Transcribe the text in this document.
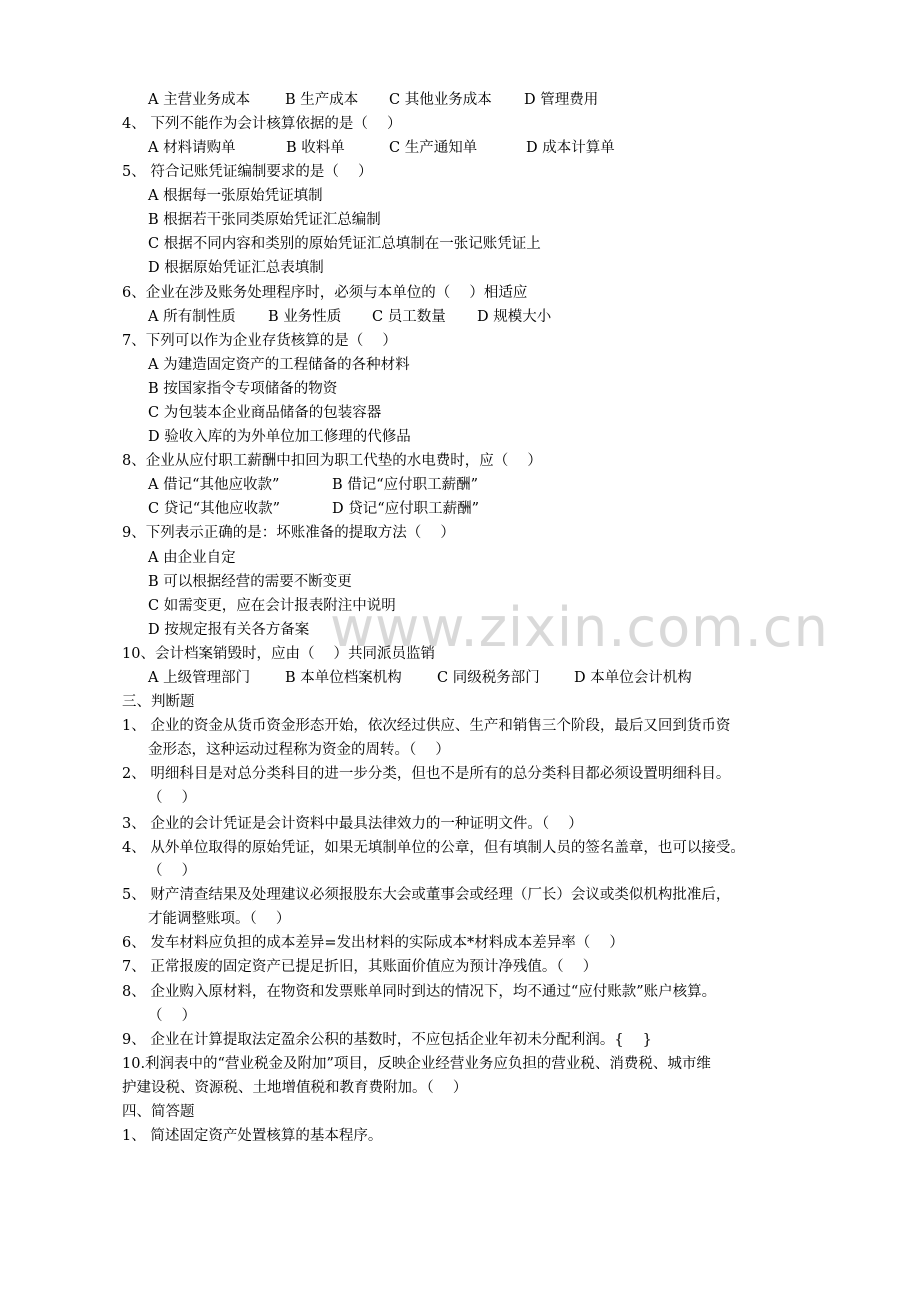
www.zixin.com.cn
A 主营业务成本 B 生产成本 C 其他业务成本 D 管理费用
4、 下列不能作为会计核算依据的是（　 ）
A 材料请购单	B 收料单	C 生产通知单	D 成本计算单
5、 符合记账凭证编制要求的是（　 ）
A 根据每一张原始凭证填制
B 根据若干张同类原始凭证汇总编制
C 根据不同内容和类别的原始凭证汇总填制在一张记账凭证上
D 根据原始凭证汇总表填制
6、企业在涉及账务处理程序时，必须与本单位的（　 ）相适应
A 所有制性质 B 业务性质 C 员工数量 D 规模大小
7、下列可以作为企业存货核算的是（　 ）
A 为建造固定资产的工程储备的各种材料
B 按国家指令专项储备的物资
C 为包装本企业商品储备的包装容器
D 验收入库的为外单位加工修理的代修品
8、企业从应付职工薪酬中扣回为职工代垫的水电费时，应（　 ）
A 借记“其他应收款”	B 借记“应付职工薪酬”
C 贷记“其他应收款”	D 贷记“应付职工薪酬”
9、下列表示正确的是：坏账准备的提取方法（　 ）
A 由企业自定
B 可以根据经营的需要不断变更
C 如需变更，应在会计报表附注中说明
D 按规定报有关各方备案
10、会计档案销毁时，应由（　 ）共同派员监销
A 上级管理部门 B 本单位档案机构 C 同级税务部门 D 本单位会计机构
三、判断题
1、 企业的资金从货币资金形态开始，依次经过供应、生产和销售三个阶段，最后又回到货币资
金形态，这种运动过程称为资金的周转。（　 ）
2、 明细科目是对总分类科目的进一步分类，但也不是所有的总分类科目都必须设置明细科目。
（　 ）
3、 企业的会计凭证是会计资料中最具法律效力的一种证明文件。（　 ）
4、 从外单位取得的原始凭证，如果无填制单位的公章，但有填制人员的签名盖章，也可以接受。
（　 ）
5、 财产清查结果及处理建议必须报股东大会或董事会或经理（厂长）会议或类似机构批准后，
才能调整账项。（　 ）
6、 发车材料应负担的成本差异=发出材料的实际成本*材料成本差异率（　 ）
7、 正常报废的固定资产已提足折旧，其账面价值应为预计净残值。（　 ）
8、 企业购入原材料，在物资和发票账单同时到达的情况下，均不通过“应付账款”账户核算。
（　 ）
9、 企业在计算提取法定盈余公积的基数时，不应包括企业年初未分配利润。{　 }
10.利润表中的“营业税金及附加”项目，反映企业经营业务应负担的营业税、消费税、城市维
护建设税、资源税、土地增值税和教育费附加。（　 ）
四、简答题
1、 简述固定资产处置核算的基本程序。
